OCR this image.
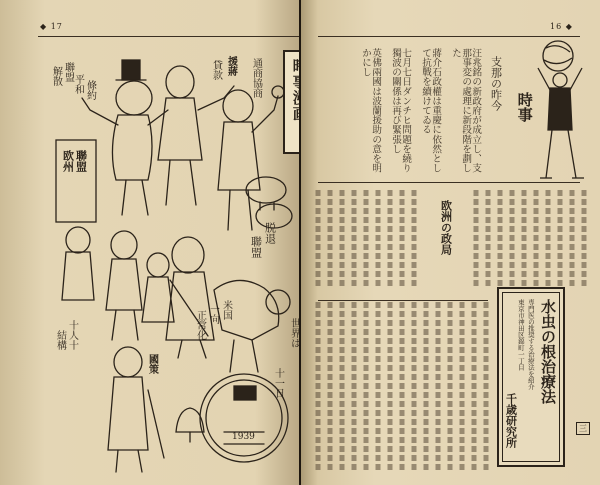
◆ 17
援蔣
貸款	通商協商
聯盟
解散 平和 條約
欧州 聯盟
脱退
聯盟
米国
一向
正常化
十人十
結構	世界は
十一日
1939
國策
16 ◆
時事
支那の昨今
汪兆銘の新政府が成立し、支那事変の處理に新段階を劃した
蔣介石政權は重慶に依然として抗戰を續けてゐる
七月七日ダンチヒ問題を繞り獨波の關係は再び緊張し
英佛兩國は波蘭援助の意を明かにし
欧洲の政局
水虫の根治療法
専門医の推奨する治療法を紹介
東京市神田区錦町一丁目
千歳研究所	三
